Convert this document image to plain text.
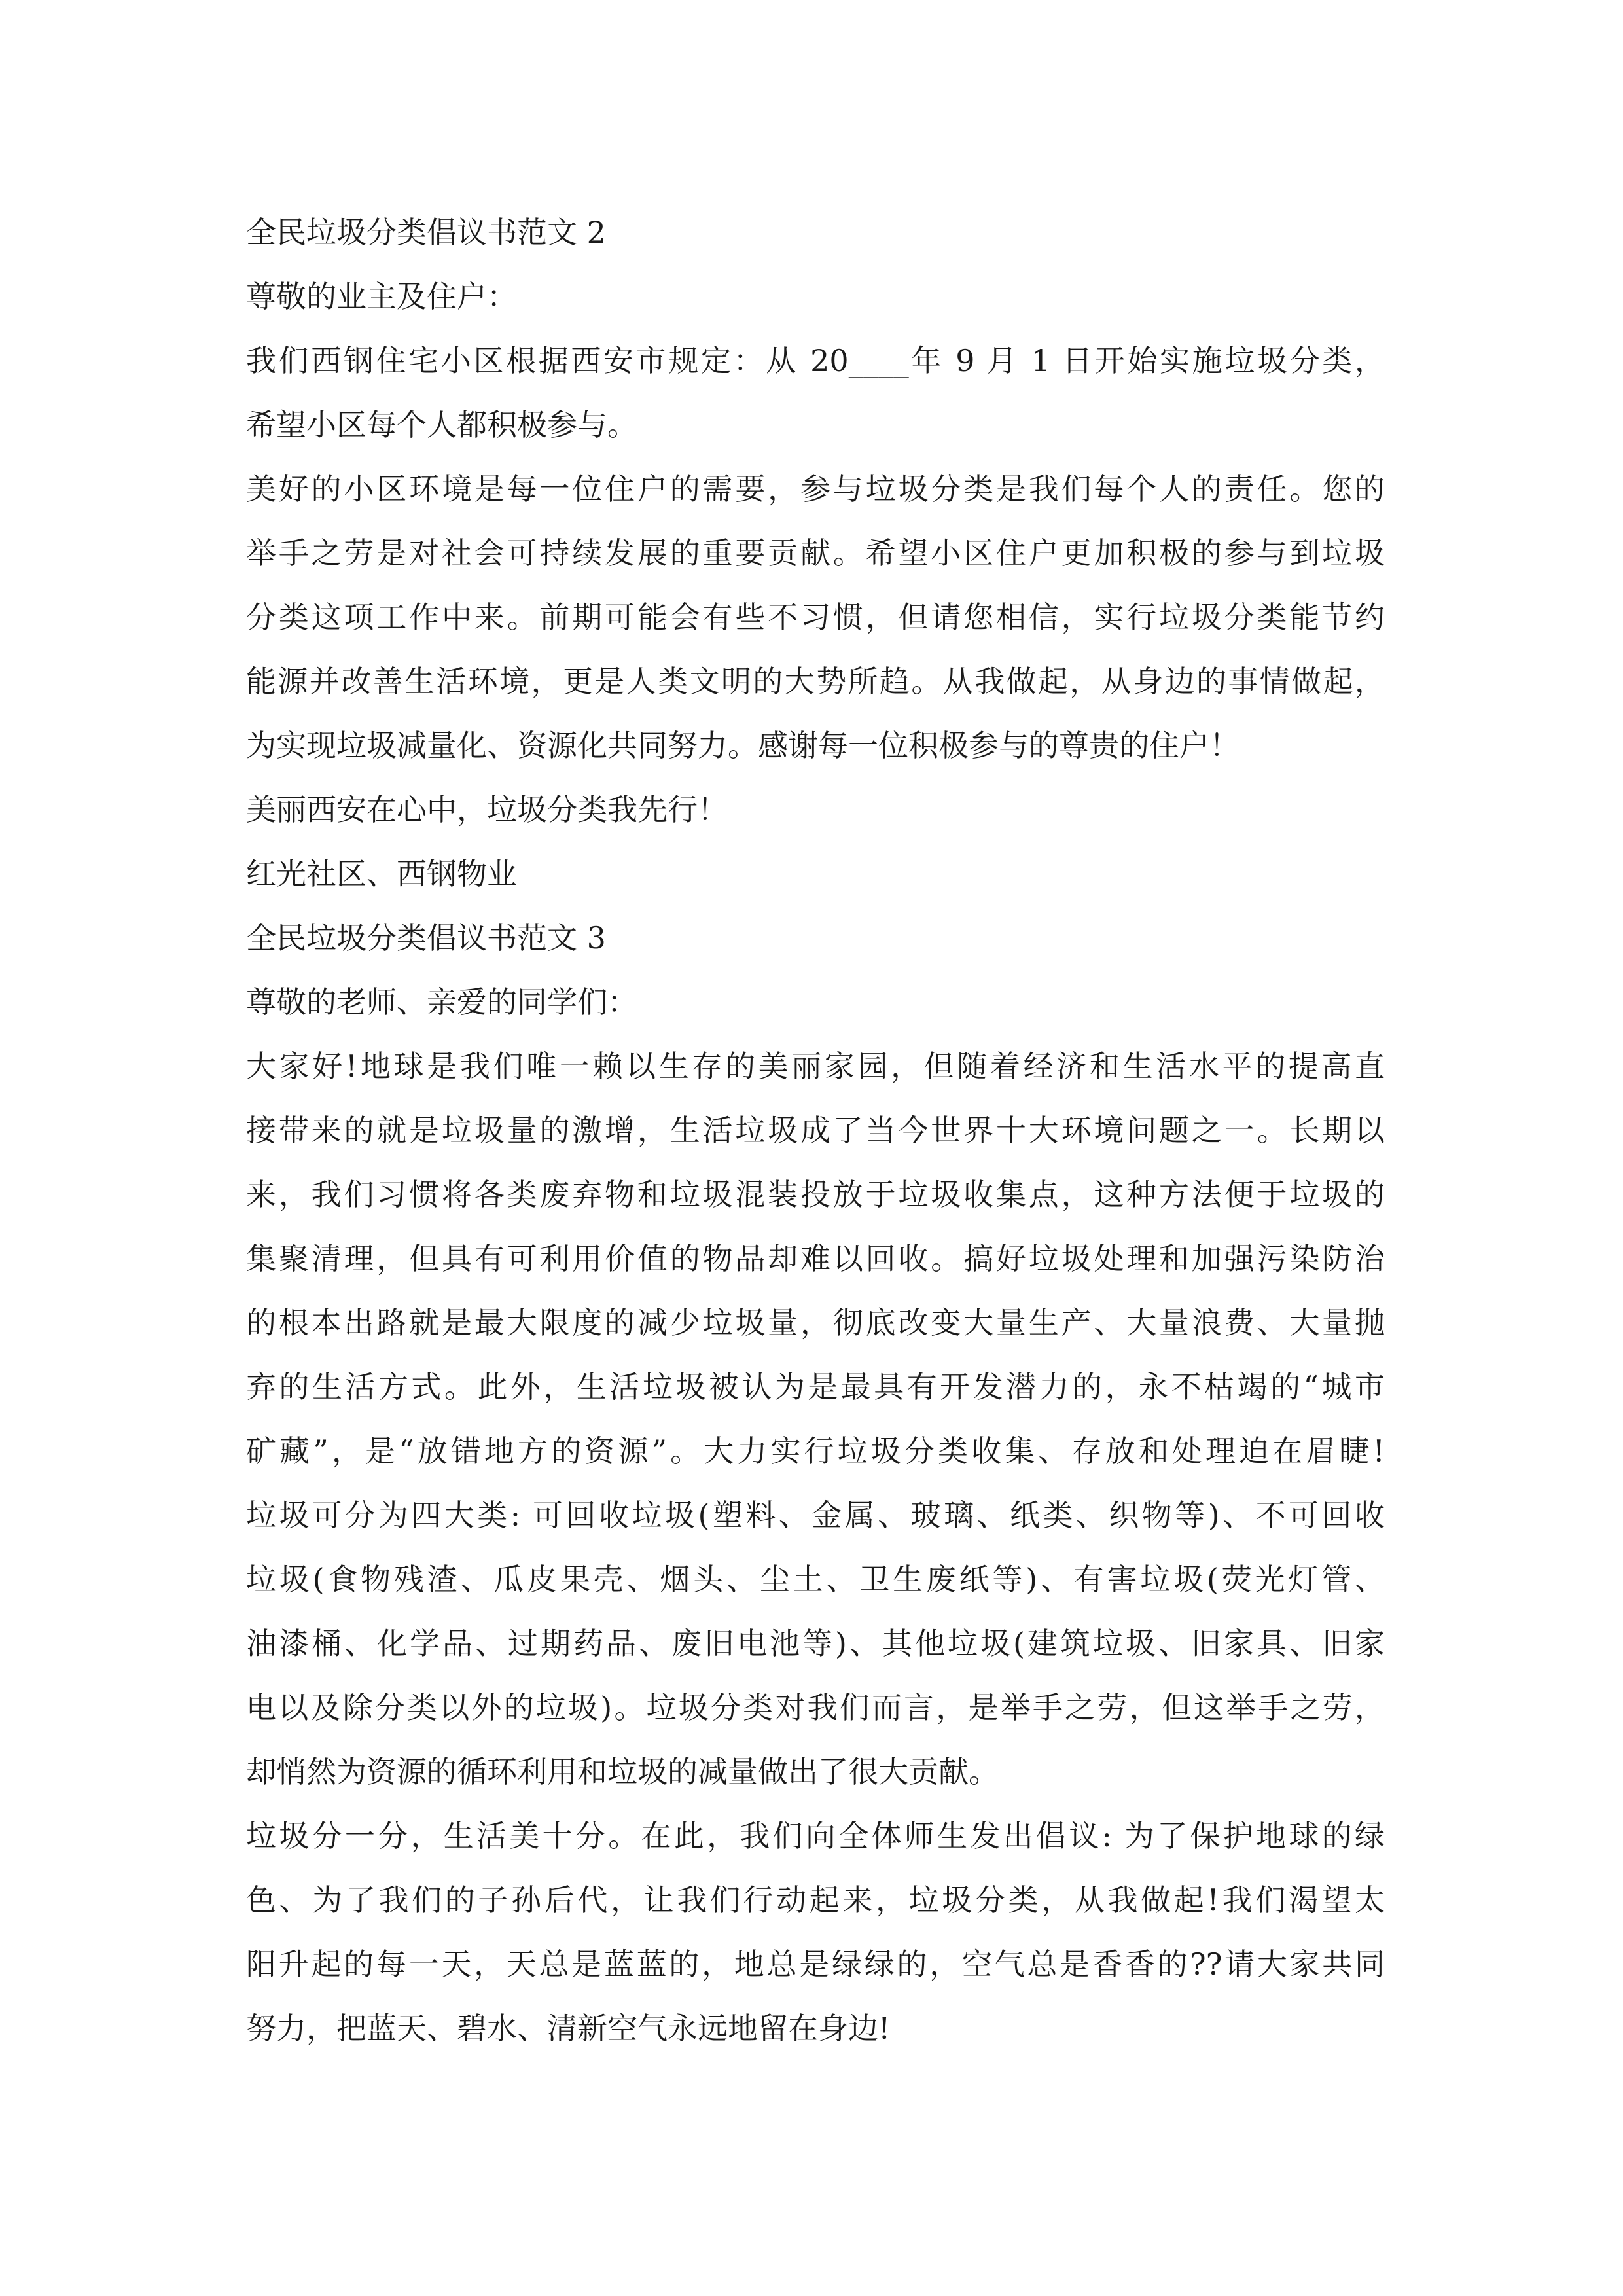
全民垃圾分类倡议书范文 2
尊敬的业主及住户：
我们西钢住宅小区根据西安市规定：从 20____年 9 月 1 日开始实施垃圾分类，
希望小区每个人都积极参与。
美好的小区环境是每一位住户的需要，参与垃圾分类是我们每个人的责任。您的
举手之劳是对社会可持续发展的重要贡献。希望小区住户更加积极的参与到垃圾
分类这项工作中来。前期可能会有些不习惯，但请您相信，实行垃圾分类能节约
能源并改善生活环境，更是人类文明的大势所趋。从我做起，从身边的事情做起，
为实现垃圾减量化、资源化共同努力。感谢每一位积极参与的尊贵的住户！
美丽西安在心中，垃圾分类我先行！
红光社区、西钢物业
全民垃圾分类倡议书范文 3
尊敬的老师、亲爱的同学们：
大家好!地球是我们唯一赖以生存的美丽家园，但随着经济和生活水平的提高直
接带来的就是垃圾量的激增，生活垃圾成了当今世界十大环境问题之一。长期以
来，我们习惯将各类废弃物和垃圾混装投放于垃圾收集点，这种方法便于垃圾的
集聚清理，但具有可利用价值的物品却难以回收。搞好垃圾处理和加强污染防治
的根本出路就是最大限度的减少垃圾量，彻底改变大量生产、大量浪费、大量抛
弃的生活方式。此外，生活垃圾被认为是最具有开发潜力的，永不枯竭的“城市
矿藏”，是“放错地方的资源”。大力实行垃圾分类收集、存放和处理迫在眉睫!
垃圾可分为四大类: 可回收垃圾(塑料、金属、玻璃、纸类、织物等)、不可回收
垃圾(食物残渣、瓜皮果壳、烟头、尘土、卫生废纸等)、有害垃圾(荧光灯管、
油漆桶、化学品、过期药品、废旧电池等)、其他垃圾(建筑垃圾、旧家具、旧家
电以及除分类以外的垃圾)。垃圾分类对我们而言，是举手之劳，但这举手之劳，
却悄然为资源的循环利用和垃圾的减量做出了很大贡献。
垃圾分一分，生活美十分。在此，我们向全体师生发出倡议: 为了保护地球的绿
色、为了我们的子孙后代，让我们行动起来，垃圾分类，从我做起!我们渴望太
阳升起的每一天，天总是蓝蓝的，地总是绿绿的，空气总是香香的??请大家共同
努力，把蓝天、碧水、清新空气永远地留在身边!
